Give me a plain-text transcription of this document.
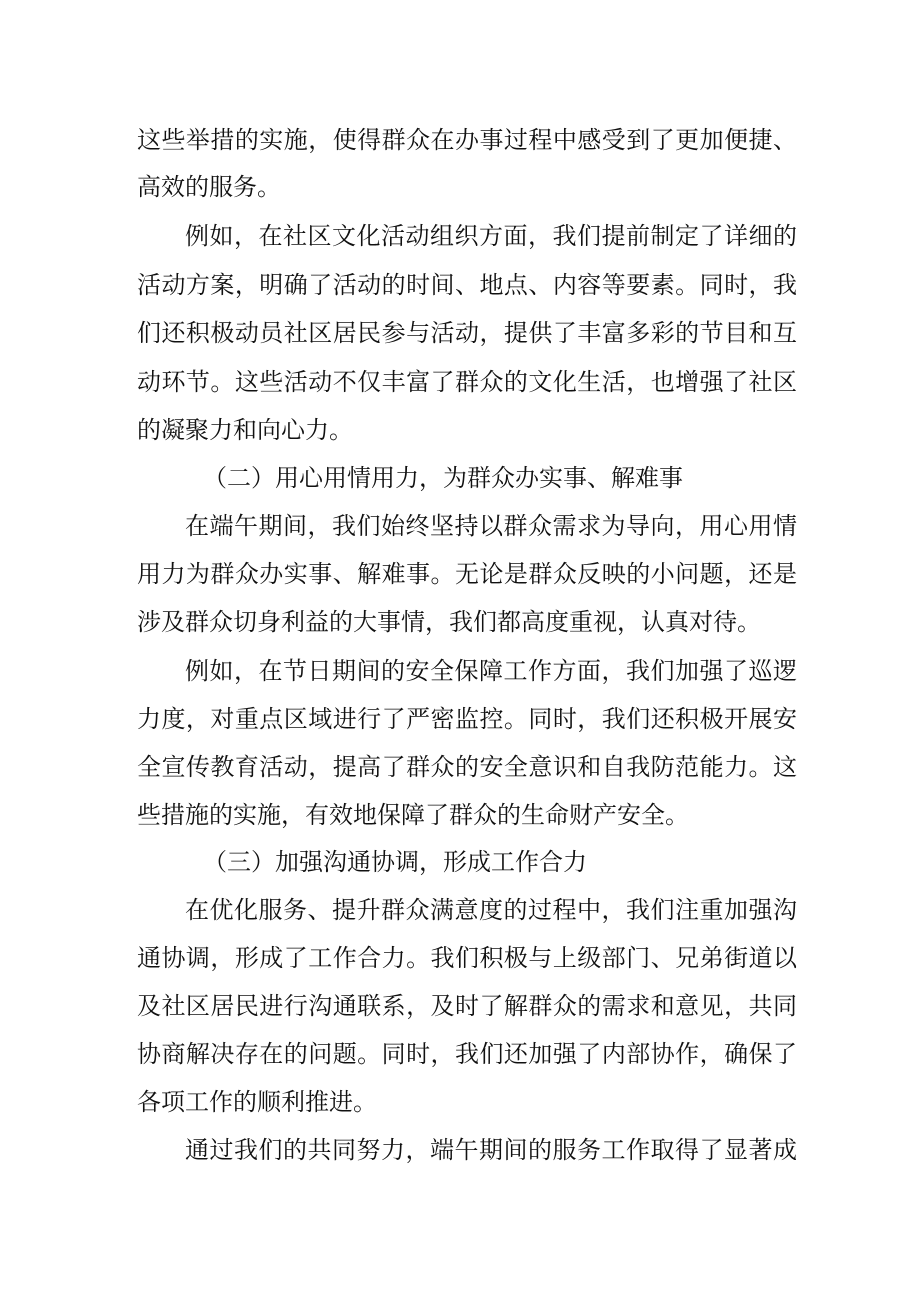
这些举措的实施，使得群众在办事过程中感受到了更加便捷、
高效的服务。
例如，在社区文化活动组织方面，我们提前制定了详细的
活动方案，明确了活动的时间、地点、内容等要素。同时，我
们还积极动员社区居民参与活动，提供了丰富多彩的节目和互
动环节。这些活动不仅丰富了群众的文化生活，也增强了社区
的凝聚力和向心力。
（二）用心用情用力，为群众办实事、解难事
在端午期间，我们始终坚持以群众需求为导向，用心用情
用力为群众办实事、解难事。无论是群众反映的小问题，还是
涉及群众切身利益的大事情，我们都高度重视，认真对待。
例如，在节日期间的安全保障工作方面，我们加强了巡逻
力度，对重点区域进行了严密监控。同时，我们还积极开展安
全宣传教育活动，提高了群众的安全意识和自我防范能力。这
些措施的实施，有效地保障了群众的生命财产安全。
（三）加强沟通协调，形成工作合力
在优化服务、提升群众满意度的过程中，我们注重加强沟
通协调，形成了工作合力。我们积极与上级部门、兄弟街道以
及社区居民进行沟通联系，及时了解群众的需求和意见，共同
协商解决存在的问题。同时，我们还加强了内部协作，确保了
各项工作的顺利推进。
通过我们的共同努力，端午期间的服务工作取得了显著成
